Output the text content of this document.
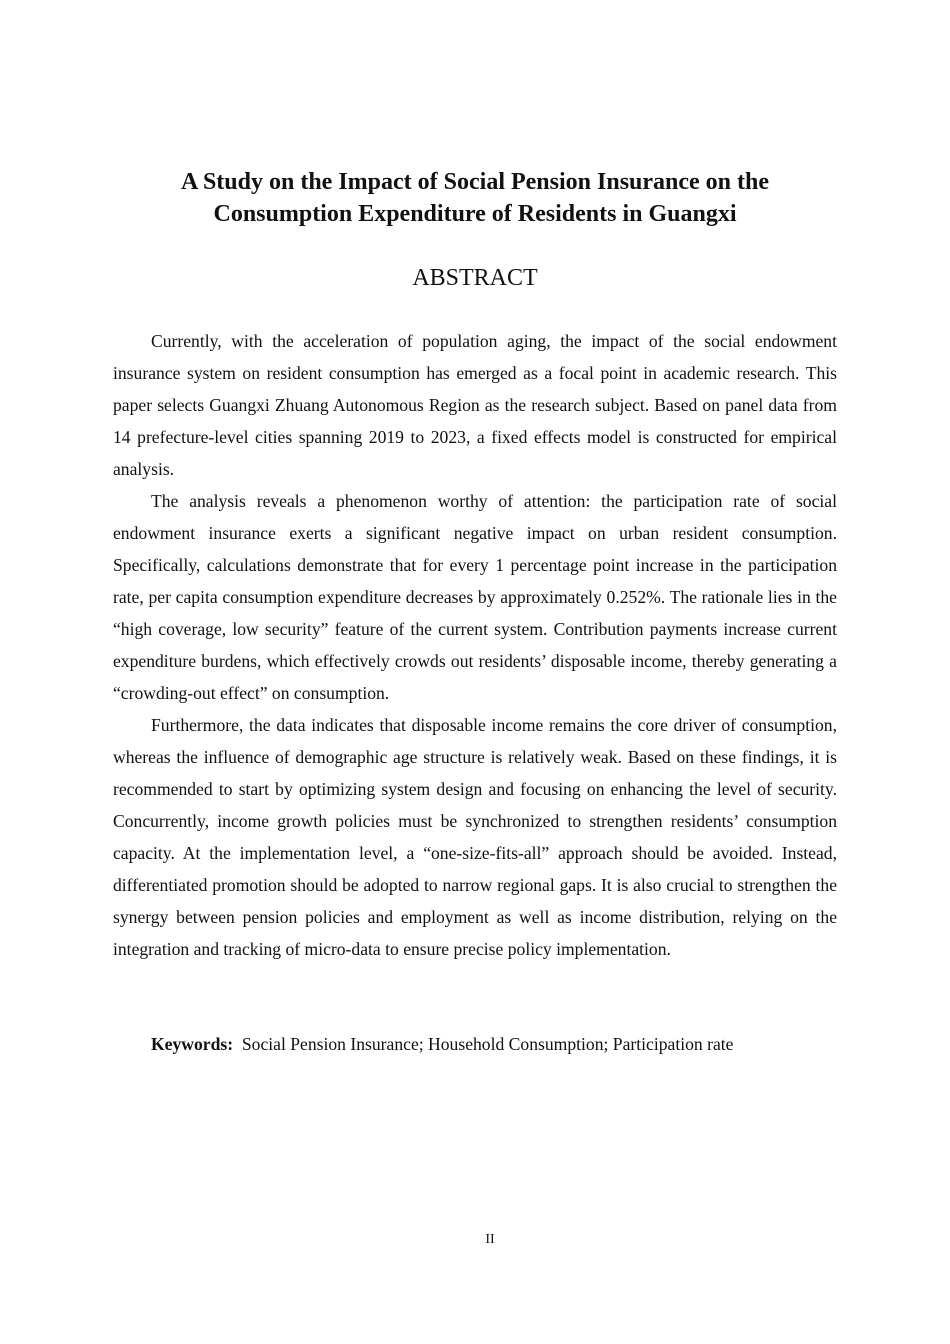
A Study on the Impact of Social Pension Insurance on the
Consumption Expenditure of Residents in Guangxi
ABSTRACT

Currently, with the acceleration of population aging, the impact of the social endowment insurance system on resident consumption has emerged as a focal point in academic research. This paper selects Guangxi Zhuang Autonomous Region as the research subject. Based on panel data from 14 prefecture-level cities spanning 2019 to 2023, a fixed effects model is constructed for empirical analysis.

The analysis reveals a phenomenon worthy of attention: the participation rate of social endowment insurance exerts a significant negative impact on urban resident consumption. Specifically, calculations demonstrate that for every 1 percentage point increase in the participation rate, per capita consumption expenditure decreases by approximately 0.252%. The rationale lies in the “high coverage, low security” feature of the current system. Contribution payments increase current expenditure burdens, which effectively crowds out residents’ disposable income, thereby generating a “crowding-out effect” on consumption.

Furthermore, the data indicates that disposable income remains the core driver of consumption, whereas the influence of demographic age structure is relatively weak. Based on these findings, it is recommended to start by optimizing system design and focusing on enhancing the level of security. Concurrently, income growth policies must be synchronized to strengthen residents’ consumption capacity. At the implementation level, a “one-size-fits-all” approach should be avoided. Instead, differentiated promotion should be adopted to narrow regional gaps. It is also crucial to strengthen the synergy between pension policies and employment as well as income distribution, relying on the integration and tracking of micro-data to ensure precise policy implementation.

Keywords: Social Pension Insurance; Household Consumption; Participation rate

II
